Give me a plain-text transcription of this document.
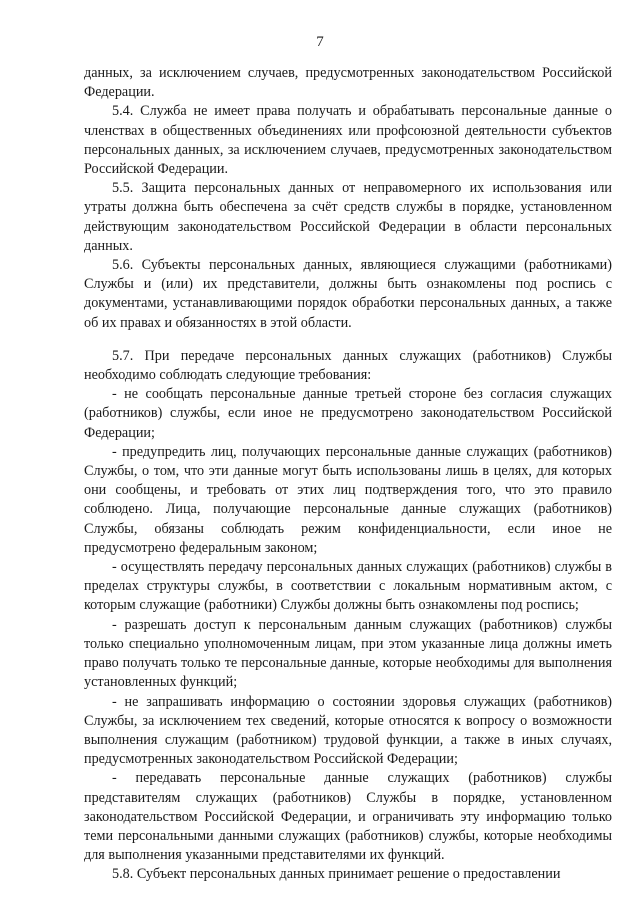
7

данных, за исключением случаев, предусмотренных законодательством Российской Федерации.

5.4. Служба не имеет права получать и обрабатывать персональные данные о членствах в общественных объединениях или профсоюзной деятельности субъектов персональных данных, за исключением случаев, предусмотренных законодательством Российской Федерации.

5.5. Защита персональных данных от неправомерного их использования или утраты должна быть обеспечена за счёт средств службы в порядке, установленном действующим законодательством Российской Федерации в области персональных данных.

5.6. Субъекты персональных данных, являющиеся служащими (работниками) Службы и (или) их представители, должны быть ознакомлены под роспись с документами, устанавливающими порядок обработки персональных данных, а также об их правах и обязанностях в этой области.

5.7. При передаче персональных данных служащих (работников) Службы необходимо соблюдать следующие требования:

- не сообщать персональные данные третьей стороне без согласия служащих (работников) службы, если иное не предусмотрено законодательством Российской Федерации;

- предупредить лиц, получающих персональные данные служащих (работников) Службы, о том, что эти данные могут быть использованы лишь в целях, для которых они сообщены, и требовать от этих лиц подтверждения того, что это правило соблюдено. Лица, получающие персональные данные служащих (работников) Службы, обязаны соблюдать режим конфиденциальности, если иное не предусмотрено федеральным законом;

- осуществлять передачу персональных данных служащих (работников) службы в пределах структуры службы, в соответствии с локальным нормативным актом, с которым служащие (работники) Службы должны быть ознакомлены под роспись;

- разрешать доступ к персональным данным служащих (работников) службы только специально уполномоченным лицам, при этом указанные лица должны иметь право получать только те персональные данные, которые необходимы для выполнения установленных функций;

- не запрашивать информацию о состоянии здоровья служащих (работников) Службы, за исключением тех сведений, которые относятся к вопросу о возможности выполнения служащим (работником) трудовой функции, а также в иных случаях, предусмотренных законодательством Российской Федерации;

- передавать персональные данные служащих (работников) службы представителям служащих (работников) Службы в порядке, установленном законодательством Российской Федерации, и ограничивать эту информацию только теми персональными данными служащих (работников) службы, которые необходимы для выполнения указанными представителями их функций.

5.8. Субъект персональных данных принимает решение о предоставлении
